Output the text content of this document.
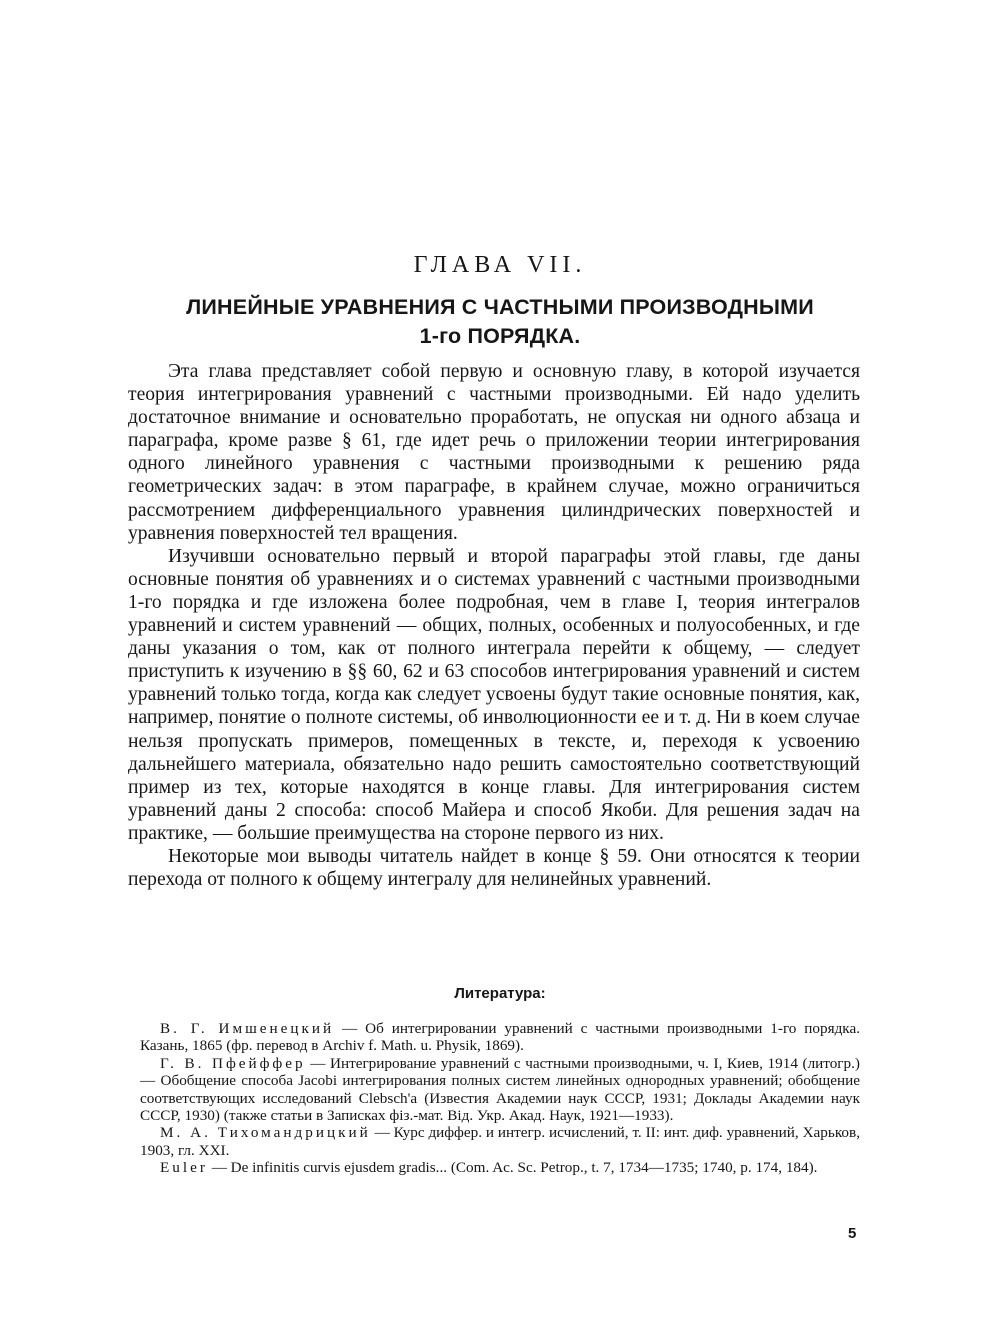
ГЛАВА VII.
ЛИНЕЙНЫЕ УРАВНЕНИЯ С ЧАСТНЫМИ ПРОИЗВОДНЫМИ
1-го ПОРЯДКА.

Эта глава представляет собой первую и основную главу, в которой изучается теория интегрирования уравнений с частными производными. Ей надо уделить достаточное внимание и основательно проработать, не опуская ни одного абзаца и параграфа, кроме разве § 61, где идет речь о приложении теории интегрирования одного линейного уравнения с частными производными к решению ряда геометрических задач: в этом параграфе, в крайнем случае, можно ограничиться рассмотрением дифференциального уравнения цилиндрических поверхностей и уравнения поверхностей тел вращения.

Изучивши основательно первый и второй параграфы этой главы, где даны основные понятия об уравнениях и о системах уравнений с частными производными 1-го порядка и где изложена более подробная, чем в главе I, теория интегралов уравнений и систем уравнений — общих, полных, особенных и полуособенных, и где даны указания о том, как от полного интеграла перейти к общему, — следует приступить к изучению в §§ 60, 62 и 63 способов интегрирования уравнений и систем уравнений только тогда, когда как следует усвоены будут такие основные понятия, как, например, понятие о полноте системы, об инволюционности ее и т. д. Ни в коем случае нельзя пропускать примеров, помещенных в тексте, и, переходя к усвоению дальнейшего материала, обязательно надо решить самостоятельно соответствующий пример из тех, которые находятся в конце главы. Для интегрирования систем уравнений даны 2 способа: способ Майера и способ Якоби. Для решения задач на практике, — большие преимущества на стороне первого из них.

Некоторые мои выводы читатель найдет в конце § 59. Они относятся к теории перехода от полного к общему интегралу для нелинейных уравнений.

Литература:

В. Г. Имшенецкий — Об интегрировании уравнений с частными производными 1-го порядка. Казань, 1865 (фр. перевод в Archiv f. Math. u. Physik, 1869).

Г. В. Пфейффер — Интегрирование уравнений с частными производными, ч. I, Киев, 1914 (литогр.) — Обобщение способа Jacobi интегрирования полных систем линейных однородных уравнений; обобщение соответствующих исследований Clebsch'a (Известия Академии наук СССР, 1931; Доклады Академии наук СССР, 1930) (также статьи в Записках фіз.-мат. Від. Укр. Акад. Наук, 1921—1933).

М. А. Тихомандрицкий — Курс диффер. и интегр. исчислений, т. II: инт. диф. уравнений, Харьков, 1903, гл. XXI.

Euler — De infinitis curvis ejusdem gradis... (Com. Ac. Sc. Petrop., t. 7, 1734—1735; 1740, p. 174, 184).

5
